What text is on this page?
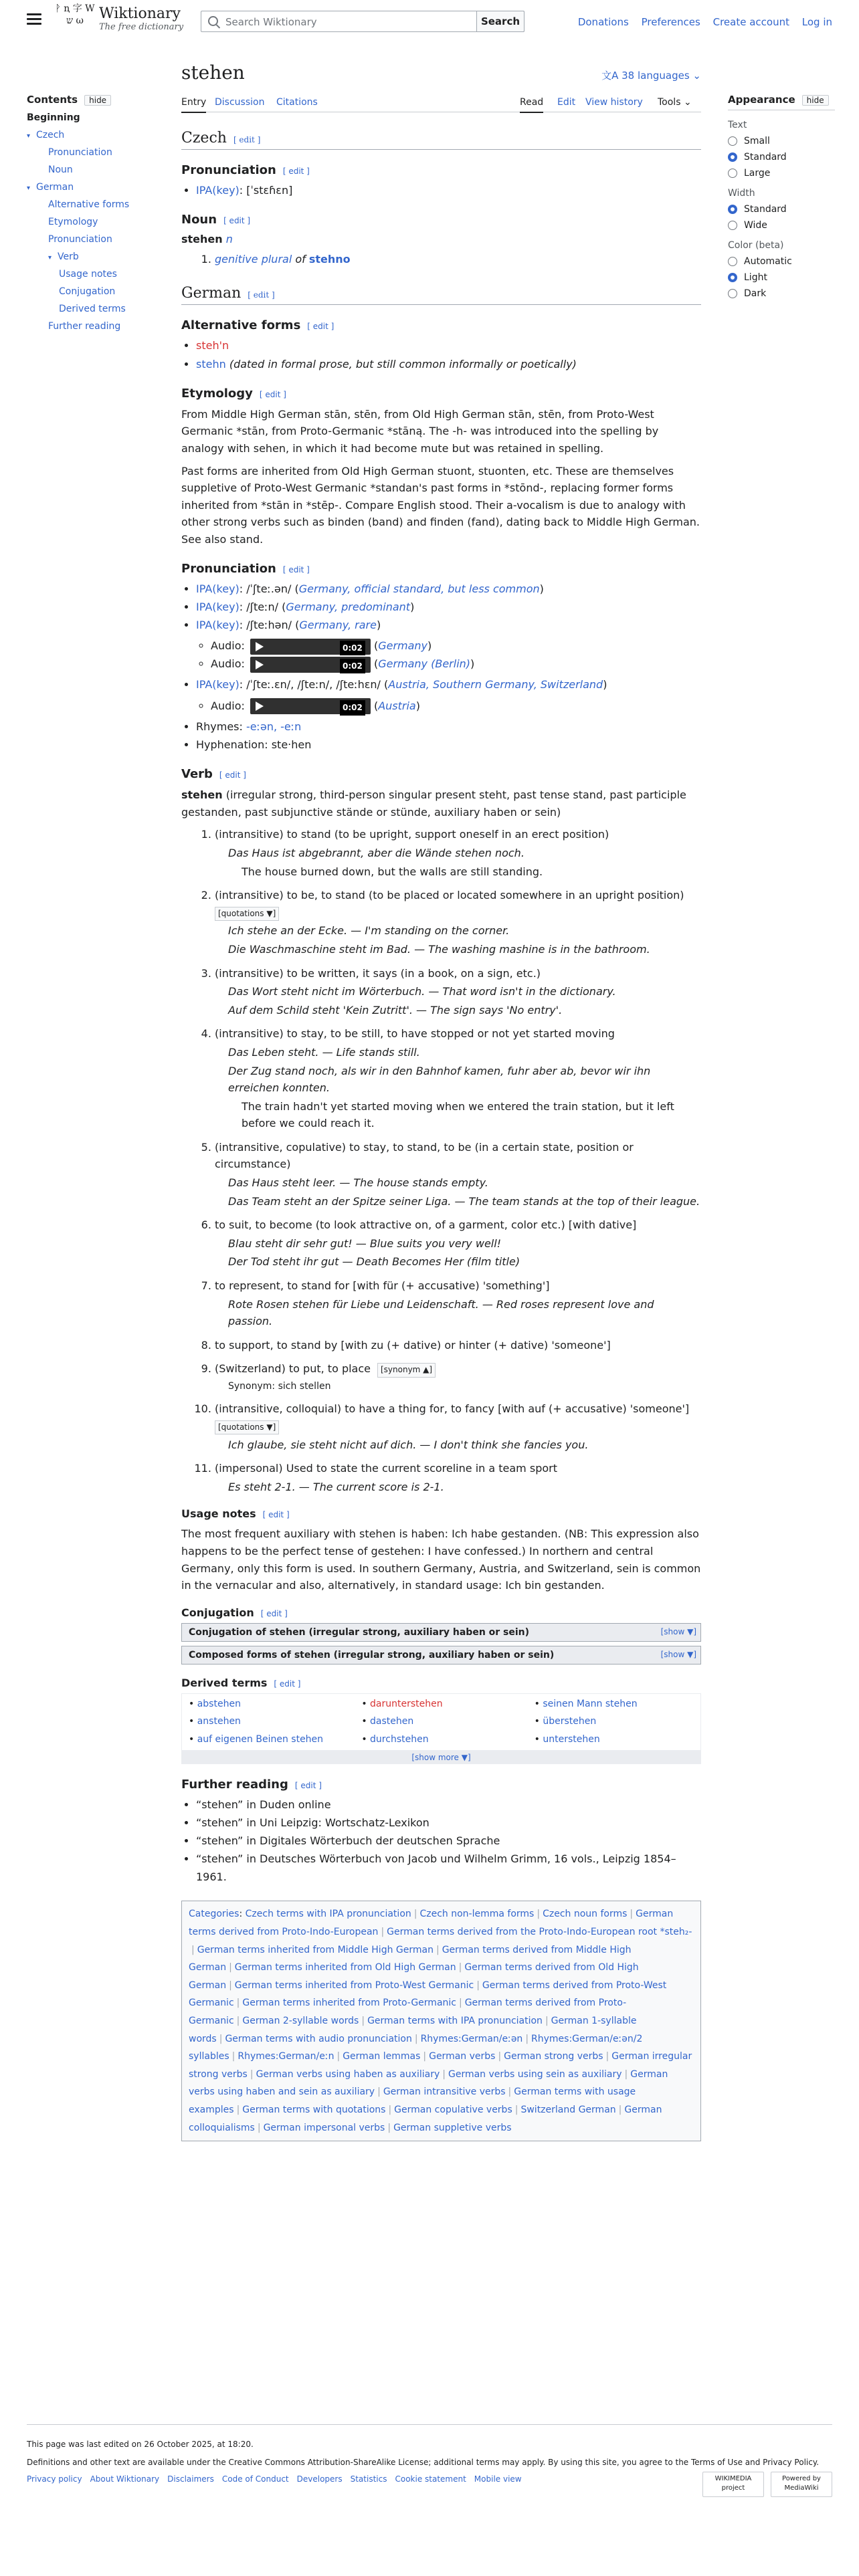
ᚹ ꞑ 字 W ש ω	Wiktionary
The free dictionary
Search Wiktionary	Search	Donations Preferences Create account Log in
Contents hide
Beginning
▾ Czech
Pronunciation
Noun
▾ German
Alternative forms
Etymology
Pronunciation
▾ Verb
Usage notes
Conjugation
Derived terms
Further reading
Appearance hide
Text
Small
Standard
Large
Width
Standard
Wide
Color (beta)
Automatic
Light
Dark
stehen	文A 38 languages ⌄
Entry Discussion Citations	Read Edit View history Tools ⌄
Czech [ edit ]
Pronunciation [ edit ]
• IPA(key): [ˈstɛɦɛn]
Noun [ edit ]

stehen n

1. genitive plural of stehno
German [ edit ]
Alternative forms [ edit ]
• steh'n
• stehn (dated in formal prose, but still common informally or poetically)
Etymology [ edit ]

From Middle High German stān, stēn, from Old High German stān, stēn, from Proto-West Germanic *stān, from Proto-Germanic *stāną. The -h- was introduced into the spelling by analogy with sehen, in which it had become mute but was retained in spelling.

Past forms are inherited from Old High German stuont, stuonten, etc. These are themselves suppletive of Proto-West Germanic *standan's past forms in *stōnd-, replacing former forms inherited from *stān in *stēp-. Compare English stood. Their a-vocalism is due to analogy with other strong verbs such as binden (band) and finden (fand), dating back to Middle High German. See also stand.

Pronunciation [ edit ]
• IPA(key): /ˈʃteː.ən/ (Germany, official standard, but less common)
• IPA(key): /ʃteːn/ (Germany, predominant)
• IPA(key): /ʃteːhən/ (Germany, rare)
◦ Audio:	0:02 (Germany)
◦ Audio:	0:02 (Germany (Berlin))
• IPA(key): /ˈʃteː.ɛn/, /ʃteːn/, /ʃteːhɛn/ (Austria, Southern Germany, Switzerland)
◦ Audio:	0:02 (Austria)
• Rhymes: -eːən, -eːn
• Hyphenation: ste‧hen
Verb [ edit ]

stehen (irregular strong, third-person singular present steht, past tense stand, past participle gestanden, past subjunctive stände or stünde, auxiliary haben or sein)

1. (intransitive) to stand (to be upright, support oneself in an erect position)
Das Haus ist abgebrannt, aber die Wände stehen noch.
The house burned down, but the walls are still standing.
2. (intransitive) to be, to stand (to be placed or located somewhere in an upright position)
[quotations ▼]
Ich stehe an der Ecke. — I'm standing on the corner.
Die Waschmaschine steht im Bad. — The washing mashine is in the bathroom.
3. (intransitive) to be written, it says (in a book, on a sign, etc.)
Das Wort steht nicht im Wörterbuch. — That word isn't in the dictionary.
Auf dem Schild steht 'Kein Zutritt'. — The sign says 'No entry'.
4. (intransitive) to stay, to be still, to have stopped or not yet started moving
Das Leben steht. — Life stands still.
Der Zug stand noch, als wir in den Bahnhof kamen, fuhr aber ab, bevor wir ihn erreichen konnten.
The train hadn't yet started moving when we entered the train station, but it left before we could reach it.
5. (intransitive, copulative) to stay, to stand, to be (in a certain state, position or circumstance)
Das Haus steht leer. — The house stands empty.
Das Team steht an der Spitze seiner Liga. — The team stands at the top of their league.
6. to suit, to become (to look attractive on, of a garment, color etc.) [with dative]
Blau steht dir sehr gut! — Blue suits you very well!
Der Tod steht ihr gut — Death Becomes Her (film title)
7. to represent, to stand for [with für (+ accusative) 'something']
Rote Rosen stehen für Liebe und Leidenschaft. — Red roses represent love and passion.
8. to support, to stand by [with zu (+ dative) or hinter (+ dative) 'someone']
9. (Switzerland) to put, to place [synonym ▲]
Synonym: sich stellen
10. (intransitive, colloquial) to have a thing for, to fancy [with auf (+ accusative) 'someone']
[quotations ▼]
Ich glaube, sie steht nicht auf dich. — I don't think she fancies you.
11. (impersonal) Used to state the current scoreline in a team sport
Es steht 2-1. — The current score is 2-1.
Usage notes [ edit ]

The most frequent auxiliary with stehen is haben: Ich habe gestanden. (NB: This expression also happens to be the perfect tense of gestehen: I have confessed.) In northern and central Germany, only this form is used. In southern Germany, Austria, and Switzerland, sein is common in the vernacular and also, alternatively, in standard usage: Ich bin gestanden.

Conjugation [ edit ]
Conjugation of stehen (irregular strong, auxiliary haben or sein)	[show ▼]
Composed forms of stehen (irregular strong, auxiliary haben or sein)	[show ▼]
Derived terms [ edit ]
• abstehen
• anstehen
• auf eigenen Beinen stehen
• darunterstehen
• dastehen
• durchstehen
• seinen Mann stehen
• überstehen
• unterstehen
[show more ▼]
Further reading [ edit ]
• “stehen” in Duden online
• “stehen” in Uni Leipzig: Wortschatz-Lexikon
• “stehen” in Digitales Wörterbuch der deutschen Sprache
• “stehen” in Deutsches Wörterbuch von Jacob und Wilhelm Grimm, 16 vols., Leipzig 1854–1961.
Categories: Czech terms with IPA pronunciation | Czech non-lemma forms | Czech noun forms | German terms derived from Proto-Indo-European | German terms derived from the Proto-Indo-European root *steh₂-| German terms inherited from Middle High German | German terms derived from Middle High German | German terms inherited from Old High German | German terms derived from Old High German | German terms inherited from Proto-West Germanic | German terms derived from Proto-West Germanic | German terms inherited from Proto-Germanic | German terms derived from Proto-Germanic | German 2-syllable words | German terms with IPA pronunciation | German 1-syllable words | German terms with audio pronunciation | Rhymes:German/eːən | Rhymes:German/eːən/2 syllables | Rhymes:German/eːn | German lemmas | German verbs | German strong verbs | German irregular strong verbs | German verbs using haben as auxiliary | German verbs using sein as auxiliary | German verbs using haben and sein as auxiliary | German intransitive verbs | German terms with usage examples | German terms with quotations | German copulative verbs | Switzerland German | German colloquialisms | German impersonal verbs | German suppletive verbs

This page was last edited on 26 October 2025, at 18:20.

Definitions and other text are available under the Creative Commons Attribution-ShareAlike License; additional terms may apply. By using this site, you agree to the Terms of Use and Privacy Policy.

Privacy policy About Wiktionary Disclaimers Code of Conduct Developers Statistics Cookie statement Mobile view	WIKIMEDIA project
Powered by MediaWiki
